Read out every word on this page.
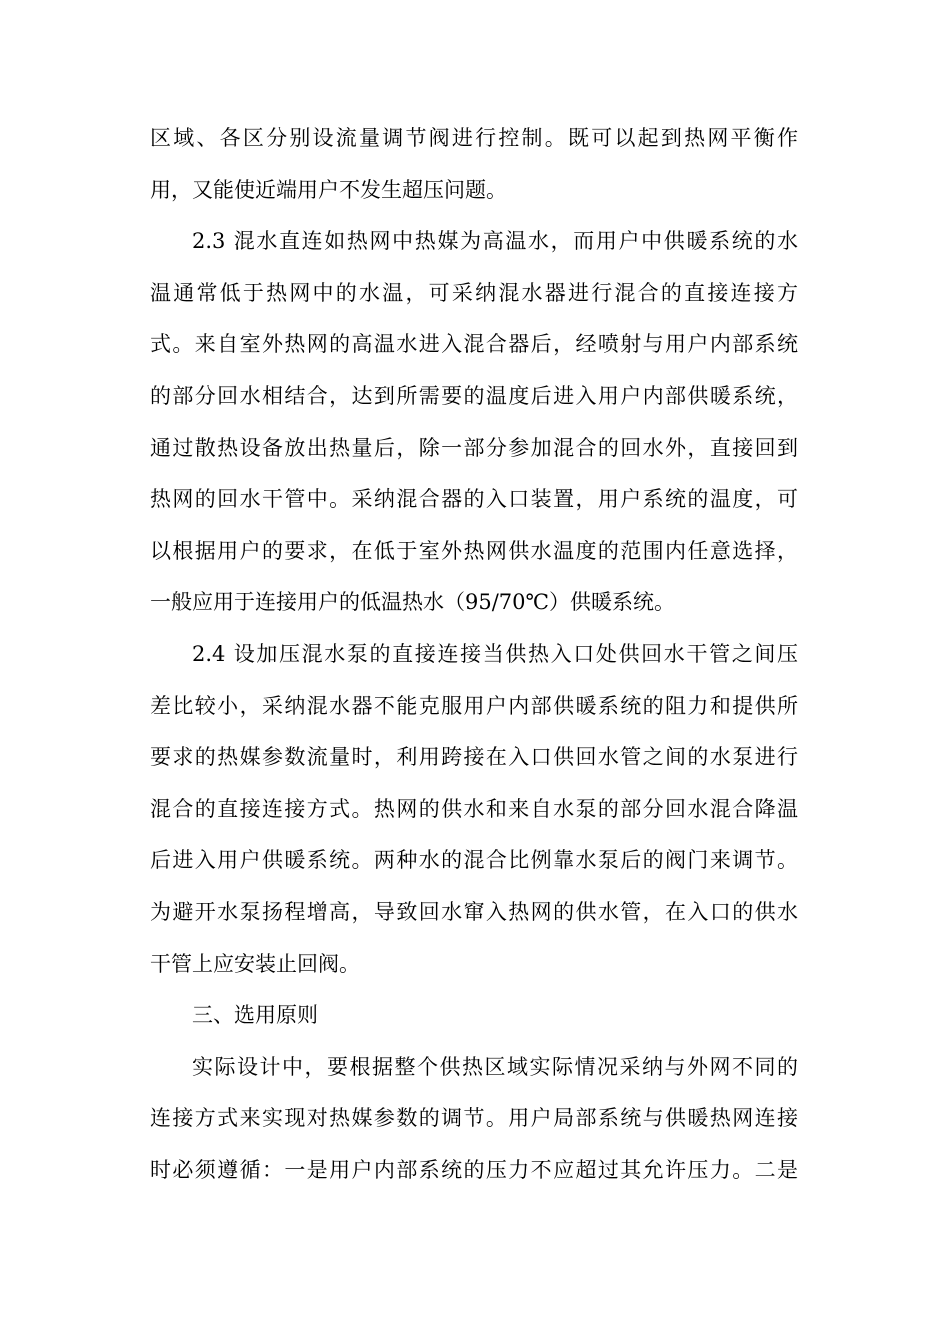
区域、各区分别设流量调节阀进行控制。既可以起到热网平衡作
用，又能使近端用户不发生超压问题。
2.3 混水直连如热网中热媒为高温水，而用户中供暖系统的水
温通常低于热网中的水温，可采纳混水器进行混合的直接连接方
式。来自室外热网的高温水进入混合器后，经喷射与用户内部系统
的部分回水相结合，达到所需要的温度后进入用户内部供暖系统，
通过散热设备放出热量后，除一部分参加混合的回水外，直接回到
热网的回水干管中。采纳混合器的入口装置，用户系统的温度，可
以根据用户的要求，在低于室外热网供水温度的范围内任意选择，
一般应用于连接用户的低温热水（95/70℃）供暖系统。
2.4 设加压混水泵的直接连接当供热入口处供回水干管之间压
差比较小，采纳混水器不能克服用户内部供暖系统的阻力和提供所
要求的热媒参数流量时，利用跨接在入口供回水管之间的水泵进行
混合的直接连接方式。热网的供水和来自水泵的部分回水混合降温
后进入用户供暖系统。两种水的混合比例靠水泵后的阀门来调节。
为避开水泵扬程增高，导致回水窜入热网的供水管，在入口的供水
干管上应安装止回阀。
三、选用原则
实际设计中，要根据整个供热区域实际情况采纳与外网不同的
连接方式来实现对热媒参数的调节。用户局部系统与供暖热网连接
时必须遵循：一是用户内部系统的压力不应超过其允许压力。二是
